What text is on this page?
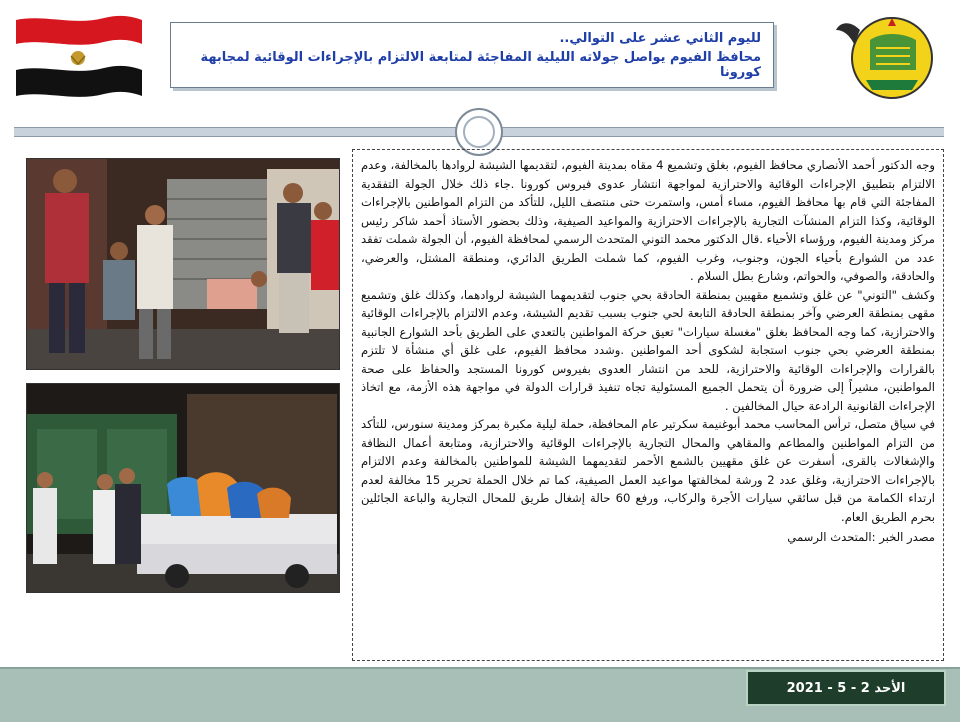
لليوم الثاني عشر على التوالي..
محافظ الفيوم يواصل جولاته الليلية المفاجئة لمتابعة الالتزام بالإجراءات الوقائية لمجابهة كورونا

وجه الدكتور أحمد الأنصاري محافظ الفيوم، بغلق وتشميع 4 مقاه بمدينة الفيوم، لتقديمها الشيشة لروادها بالمخالفة، وعدم الالتزام بتطبيق الإجراءات الوقائية والاحترازية لمواجهة انتشار عدوى فيروس كورونا .جاء ذلك خلال الجولة التفقدية المفاجئة التي قام بها محافظ الفيوم، مساء أمس، واستمرت حتى منتصف الليل، للتأكد من التزام المواطنين بالإجراءات الوقائية، وكذا التزام المنشآت التجارية بالإجراءات الاحترازية والمواعيد الصيفية، وذلك بحضور الأستاذ أحمد شاكر رئيس مركز ومدينة الفيوم، ورؤساء الأحياء .قال الدكتور محمد التوني المتحدث الرسمي لمحافظة الفيوم، أن الجولة شملت تفقد عدد من الشوارع بأحياء الجون، وجنوب، وغرب الفيوم، كما شملت الطريق الدائري، ومنطقة المشتل، والعرضي، والحادقة، والصوفي، والحواتم، وشارع بطل السلام .

وكشف "التوني" عن غلق وتشميع مقهيين بمنطقة الحادقة بحي جنوب لتقديمهما الشيشة لروادهما، وكذلك غلق وتشميع مقهى بمنطقة العرضي وآخر بمنطقة الحادقة التابعة لحي جنوب بسبب تقديم الشيشة، وعدم الالتزام بالإجراءات الوقائية والاحترازية، كما وجه المحافظ بغلق "مغسلة سيارات" تعيق حركة المواطنين بالتعدي على الطريق بأحد الشوارع الجانبية بمنطقة العرضي بحي جنوب استجابة لشكوى أحد المواطنين .وشدد محافظ الفيوم، على غلق أي منشأة لا تلتزم بالقرارات والإجراءات الوقائية والاحترازية، للحد من انتشار العدوى بفيروس كورونا المستجد والحفاظ على صحة المواطنين، مشيراً إلى ضرورة أن يتحمل الجميع المسئولية تجاه تنفيذ قرارات الدولة في مواجهة هذه الأزمة، مع اتخاذ الإجراءات القانونية الرادعة حيال المخالفين .

في سياق متصل، ترأس المحاسب محمد أبوغنيمة سكرتير عام المحافظة، حملة ليلية مكبرة بمركز ومدينة سنورس، للتأكد من التزام المواطنين والمطاعم والمقاهي والمحال التجارية بالإجراءات الوقائية والاحترازية، ومتابعة أعمال النظافة والإشغالات بالقرى، أسفرت عن غلق مقهيين بالشمع الأحمر لتقديمهما الشيشة للمواطنين بالمخالفة وعدم الالتزام بالإجراءات الاحترازية، وغلق عدد 2 ورشة لمخالفتها مواعيد العمل الصيفية، كما تم خلال الحملة تحرير 15 مخالفة لعدم ارتداء الكمامة من قبل سائقي سيارات الأجرة والركاب، ورفع 60 حالة إشغال طريق للمحال التجارية والباعة الجائلين بحرم الطريق العام.

مصدر الخبر :المتحدث الرسمي

الأحد 2 - 5 - 2021
